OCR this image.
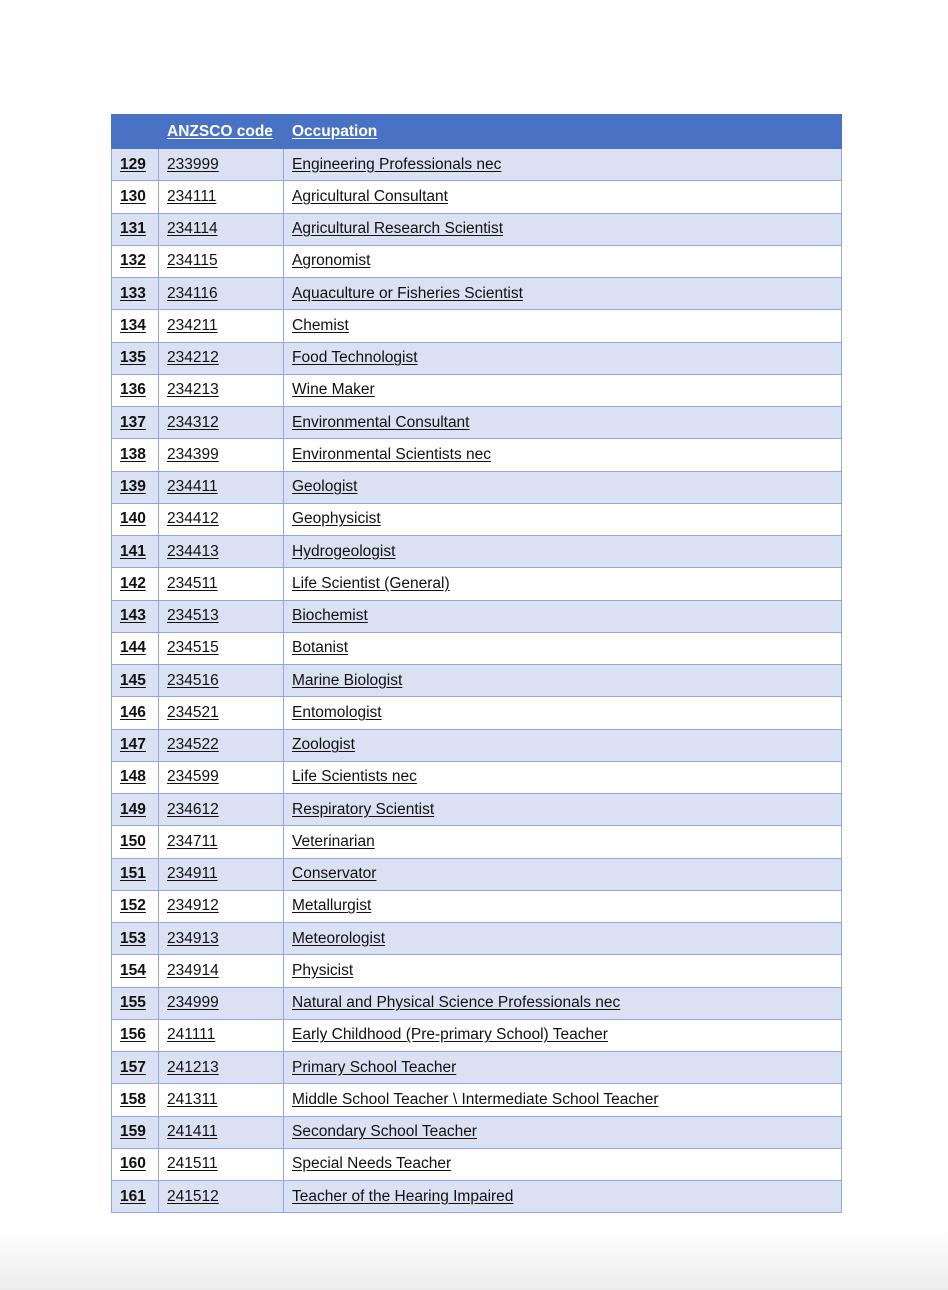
	ANZSCO code	Occupation
129	233999	Engineering Professionals nec
130	234111	Agricultural Consultant
131	234114	Agricultural Research Scientist
132	234115	Agronomist
133	234116	Aquaculture or Fisheries Scientist
134	234211	Chemist
135	234212	Food Technologist
136	234213	Wine Maker
137	234312	Environmental Consultant
138	234399	Environmental Scientists nec
139	234411	Geologist
140	234412	Geophysicist
141	234413	Hydrogeologist
142	234511	Life Scientist (General)
143	234513	Biochemist
144	234515	Botanist
145	234516	Marine Biologist
146	234521	Entomologist
147	234522	Zoologist
148	234599	Life Scientists nec
149	234612	Respiratory Scientist
150	234711	Veterinarian
151	234911	Conservator
152	234912	Metallurgist
153	234913	Meteorologist
154	234914	Physicist
155	234999	Natural and Physical Science Professionals nec
156	241111	Early Childhood (Pre-primary School) Teacher
157	241213	Primary School Teacher
158	241311	Middle School Teacher \ Intermediate School Teacher
159	241411	Secondary School Teacher
160	241511	Special Needs Teacher
161	241512	Teacher of the Hearing Impaired
